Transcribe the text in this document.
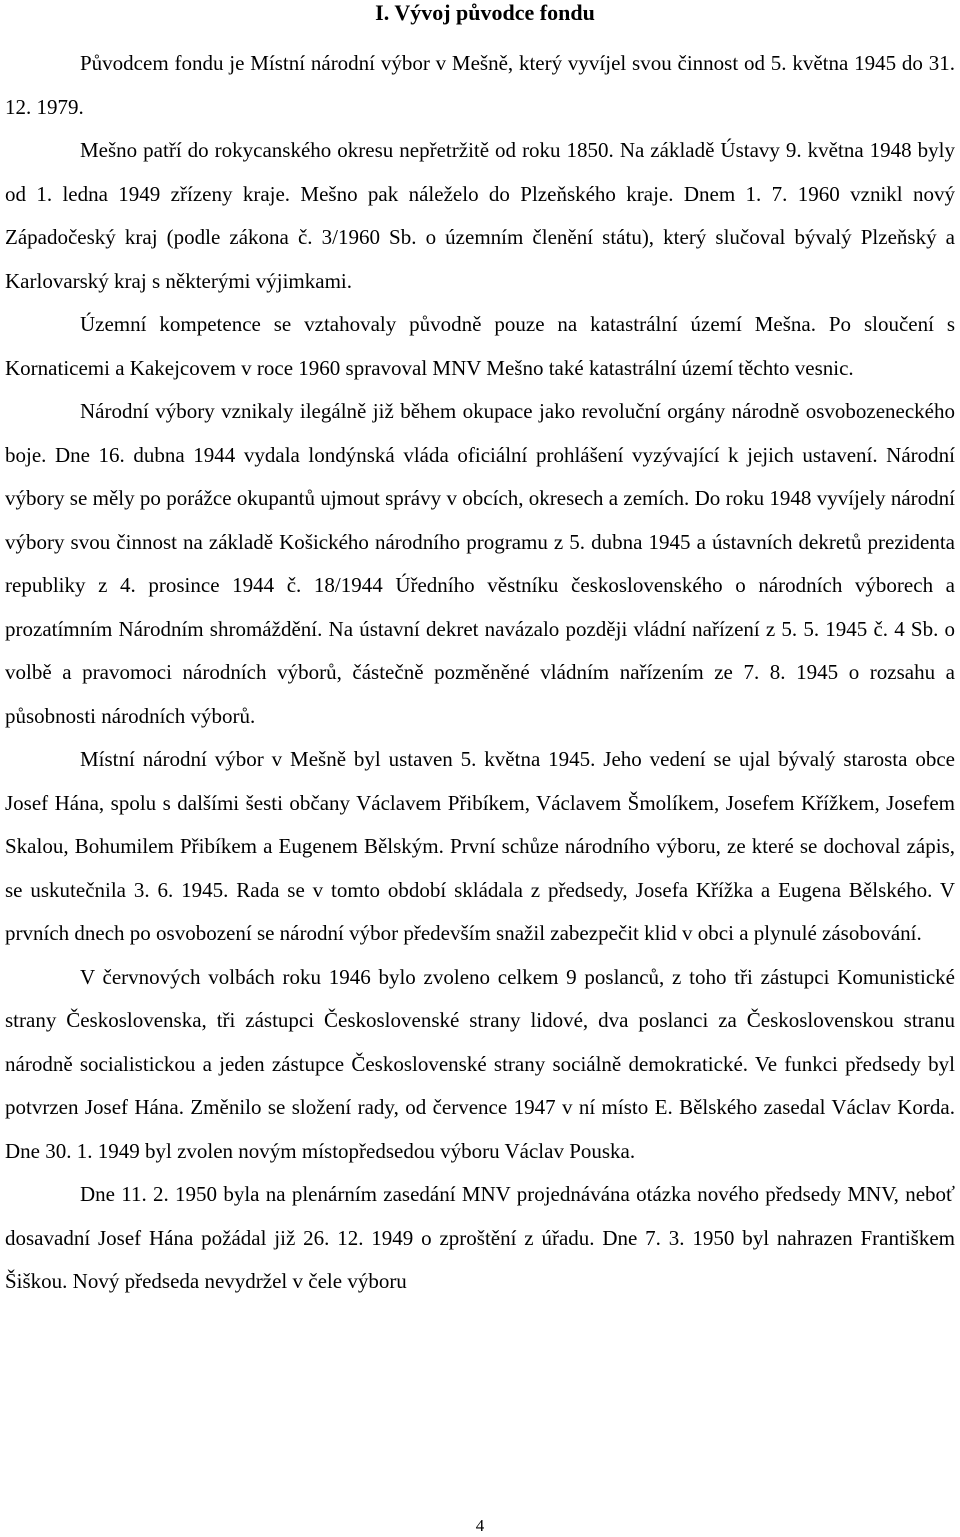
I. Vývoj původce fondu

Původcem fondu je Místní národní výbor v Mešně, který vyvíjel svou činnost od 5. května 1945 do 31. 12. 1979.

Mešno patří do rokycanského okresu nepřetržitě od roku 1850. Na základě Ústavy 9. května 1948 byly od 1. ledna 1949 zřízeny kraje. Mešno pak náleželo do Plzeňského kraje. Dnem 1. 7. 1960 vznikl nový Západočeský kraj (podle zákona č. 3/1960 Sb. o územním členění státu), který slučoval bývalý Plzeňský a Karlovarský kraj s některými výjimkami.

Územní kompetence se vztahovaly původně pouze na katastrální území Mešna. Po sloučení s Kornaticemi a Kakejcovem v roce 1960 spravoval MNV Mešno také katastrální území těchto vesnic.

Národní výbory vznikaly ilegálně již během okupace jako revoluční orgány národně osvobozeneckého boje. Dne 16. dubna 1944 vydala londýnská vláda oficiální prohlášení vyzývající k jejich ustavení. Národní výbory se měly po porážce okupantů ujmout správy v obcích, okresech a zemích. Do roku 1948 vyvíjely národní výbory svou činnost na základě Košického národního programu z 5. dubna 1945 a ústavních dekretů prezidenta republiky z 4. prosince 1944 č. 18/1944 Úředního věstníku československého o národních výborech a prozatímním Národním shromáždění. Na ústavní dekret navázalo později vládní nařízení z 5. 5. 1945 č. 4 Sb. o volbě a pravomoci národních výborů, částečně pozměněné vládním nařízením ze 7. 8. 1945 o rozsahu a působnosti národních výborů.

Místní národní výbor v Mešně byl ustaven 5. května 1945. Jeho vedení se ujal bývalý starosta obce Josef Hána, spolu s dalšími šesti občany Václavem Přibíkem, Václavem Šmolíkem, Josefem Křížkem, Josefem Skalou, Bohumilem Přibíkem a Eugenem Bělským. První schůze národního výboru, ze které se dochoval zápis, se uskutečnila 3. 6. 1945. Rada se v tomto období skládala z předsedy, Josefa Křížka a Eugena Bělského. V prvních dnech po osvobození se národní výbor především snažil zabezpečit klid v obci a plynulé zásobování.

V červnových volbách roku 1946 bylo zvoleno celkem 9 poslanců, z toho tři zástupci Komunistické strany Československa, tři zástupci Československé strany lidové, dva poslanci za Československou stranu národně socialistickou a jeden zástupce Československé strany sociálně demokratické. Ve funkci předsedy byl potvrzen Josef Hána. Změnilo se složení rady, od července 1947 v ní místo E. Bělského zasedal Václav Korda. Dne 30. 1. 1949 byl zvolen novým místopředsedou výboru Václav Pouska.

Dne 11. 2. 1950 byla na plenárním zasedání MNV projednávána otázka nového předsedy MNV, neboť dosavadní Josef Hána požádal již 26. 12. 1949 o zproštění z úřadu. Dne 7. 3. 1950 byl nahrazen Františkem Šiškou. Nový předseda nevydržel v čele výboru

4
